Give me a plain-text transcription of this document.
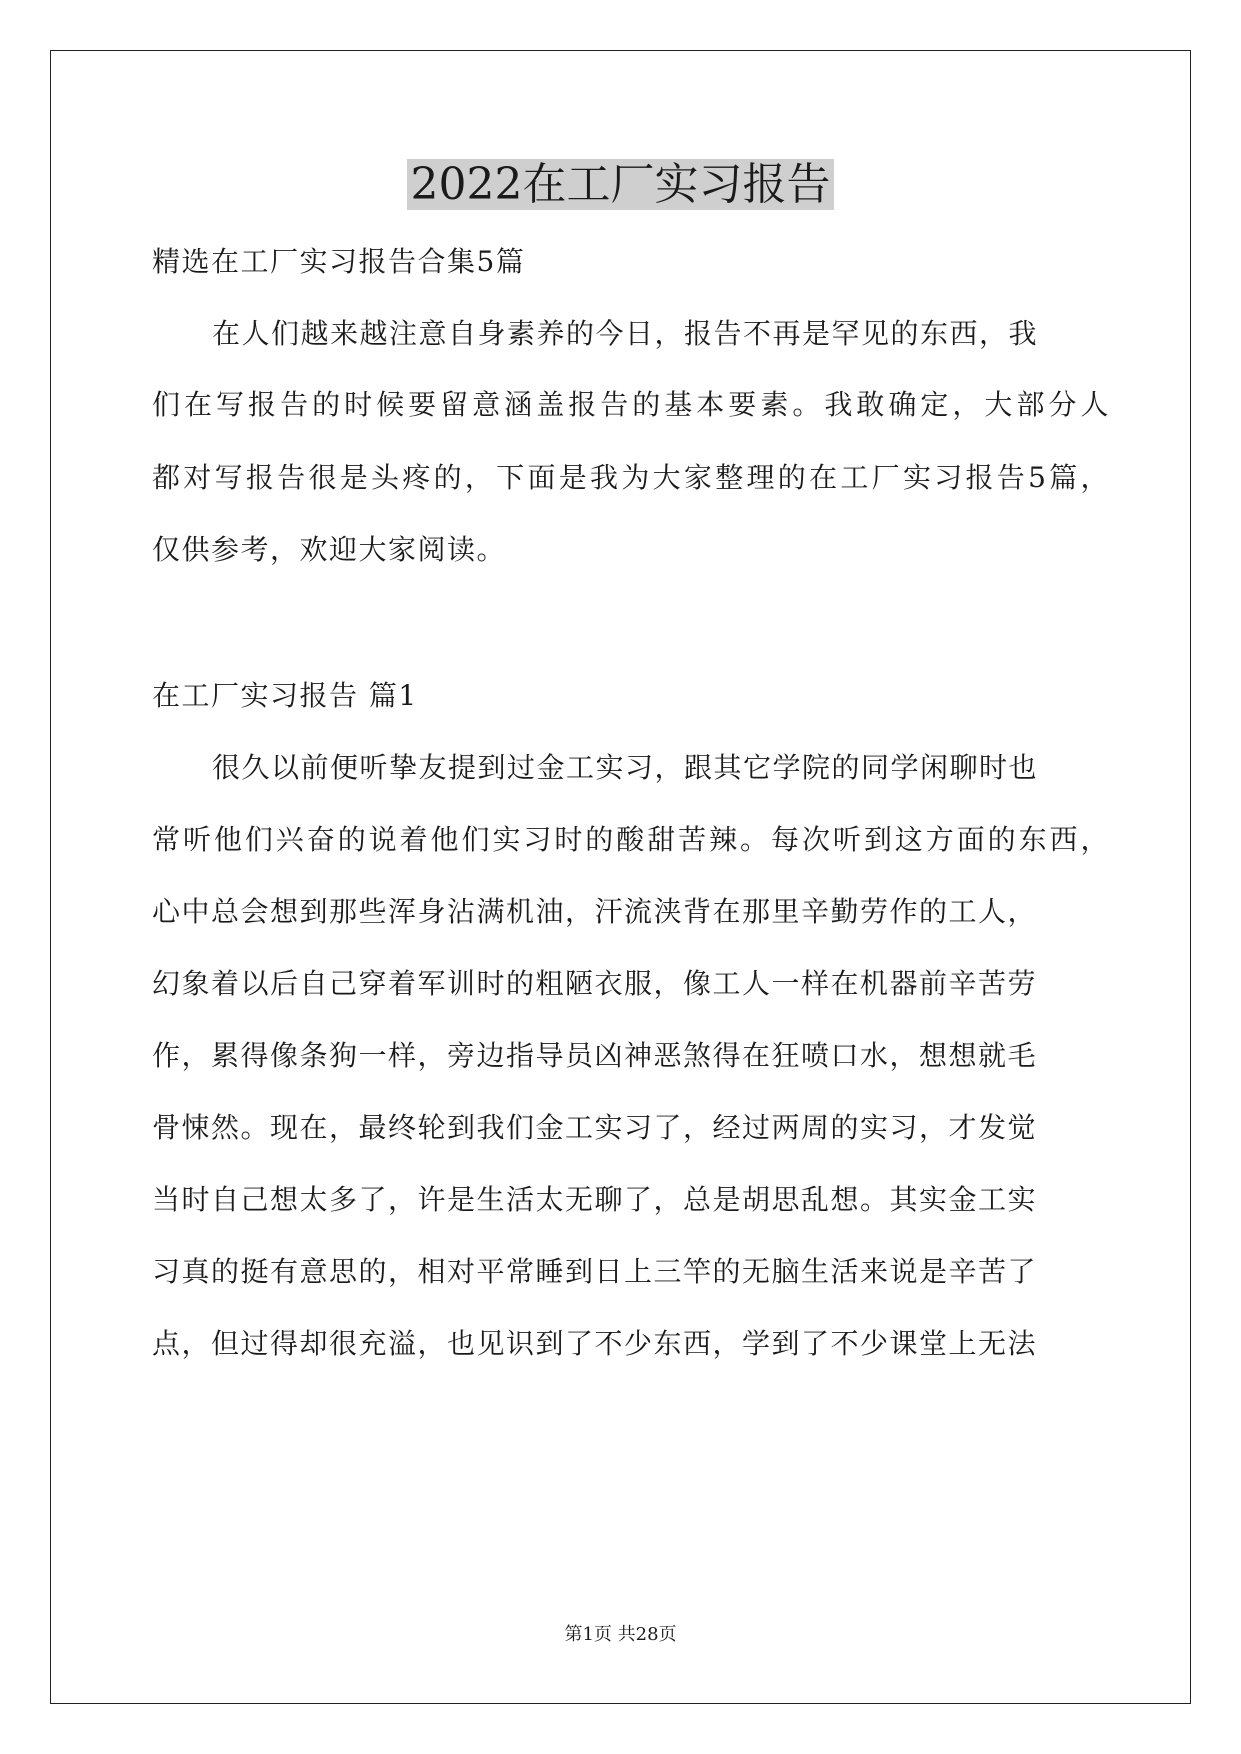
2022在工厂实习报告
精选在工厂实习报告合集5篇
在人们越来越注意自身素养的今日，报告不再是罕见的东西，我
们在写报告的时候要留意涵盖报告的基本要素。我敢确定，大部分人
都对写报告很是头疼的，下面是我为大家整理的在工厂实习报告5篇，
仅供参考，欢迎大家阅读。
在工厂实习报告 篇1
很久以前便听挚友提到过金工实习，跟其它学院的同学闲聊时也
常听他们兴奋的说着他们实习时的酸甜苦辣。每次听到这方面的东西，
心中总会想到那些浑身沾满机油，汗流浃背在那里辛勤劳作的工人，
幻象着以后自己穿着军训时的粗陋衣服，像工人一样在机器前辛苦劳
作，累得像条狗一样，旁边指导员凶神恶煞得在狂喷口水，想想就毛
骨悚然。现在，最终轮到我们金工实习了，经过两周的实习，才发觉
当时自己想太多了，许是生活太无聊了，总是胡思乱想。其实金工实
习真的挺有意思的，相对平常睡到日上三竿的无脑生活来说是辛苦了
点，但过得却很充溢，也见识到了不少东西，学到了不少课堂上无法
第1页 共28页
